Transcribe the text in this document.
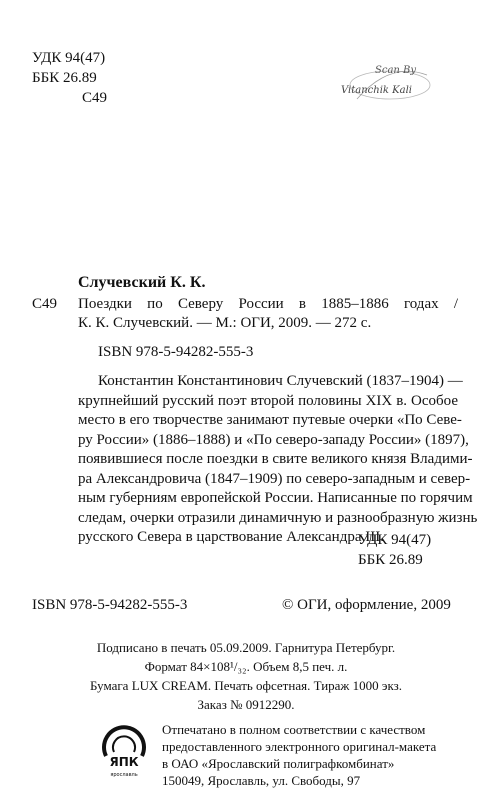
УДК 94(47)
ББК 26.89
С49
Scan By
Vitanchik Kali
Случевский К. К.
С49 Поездки по Северу России в 1885–1886 годах /
К. К. Случевский. — М.: ОГИ, 2009. — 272 с.
ISBN 978-5-94282-555-3
Константин Константинович Случевский (1837–1904) —
крупнейший русский поэт второй половины XIX в. Особое
место в его творчестве занимают путевые очерки «По Севе-
ру России» (1886–1888) и «По северо-западу России» (1897),
появившиеся после поездки в свите великого князя Владими-
ра Александровича (1847–1909) по северо-западным и север-
ным губерниям европейской России. Написанные по горячим
следам, очерки отразили динамичную и разнообразную жизнь
русского Севера в царствование Александра III.
УДК 94(47)
ББК 26.89
ISBN 978-5-94282-555-3	© ОГИ, оформление, 2009
Подписано в печать 05.09.2009. Гарнитура Петербург.
Формат 84×108¹/₃₂. Объем 8,5 печ. л.
Бумага LUX CREAM. Печать офсетная. Тираж 1000 экз.
Заказ № 0912290.
ЯПК
ярославль
Отпечатано в полном соответствии с качеством
предоставленного электронного оригинал-макета
в ОАО «Ярославский полиграфкомбинат»
150049, Ярославль, ул. Свободы, 97
